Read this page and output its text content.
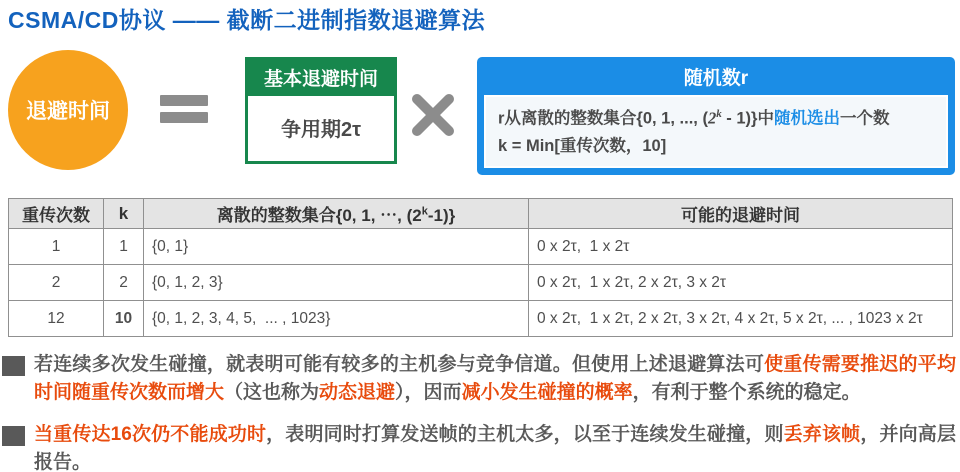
CSMA/CD协议 —— 截断二进制指数退避算法
退避时间
基本退避时间
争用期2τ
随机数r
r从离散的整数集合{0, 1, ..., (2$^k$ - 1)}中随机选出一个数
k = Min[重传次数，10]
重传次数	k	离散的整数集合{0, 1, ⋯, (2$^k$-1)}	可能的退避时间
1	1	{0, 1}	0 x 2τ,  1 x 2τ
2	2	{0, 1, 2, 3}	0 x 2τ,  1 x 2τ, 2 x 2τ, 3 x 2τ
12	10	{0, 1, 2, 3, 4, 5,  ... , 1023}	0 x 2τ,  1 x 2τ, 2 x 2τ, 3 x 2τ, 4 x 2τ, 5 x 2τ, ... , 1023 x 2τ

若连续多次发生碰撞，就表明可能有较多的主机参与竞争信道。但使用上述退避算法可使重传需要推迟的平均时间随重传次数而增大（这也称为动态退避），因而减小发生碰撞的概率，有利于整个系统的稳定。

当重传达16次仍不能成功时，表明同时打算发送帧的主机太多，以至于连续发生碰撞，则丢弃该帧，并向高层报告。
